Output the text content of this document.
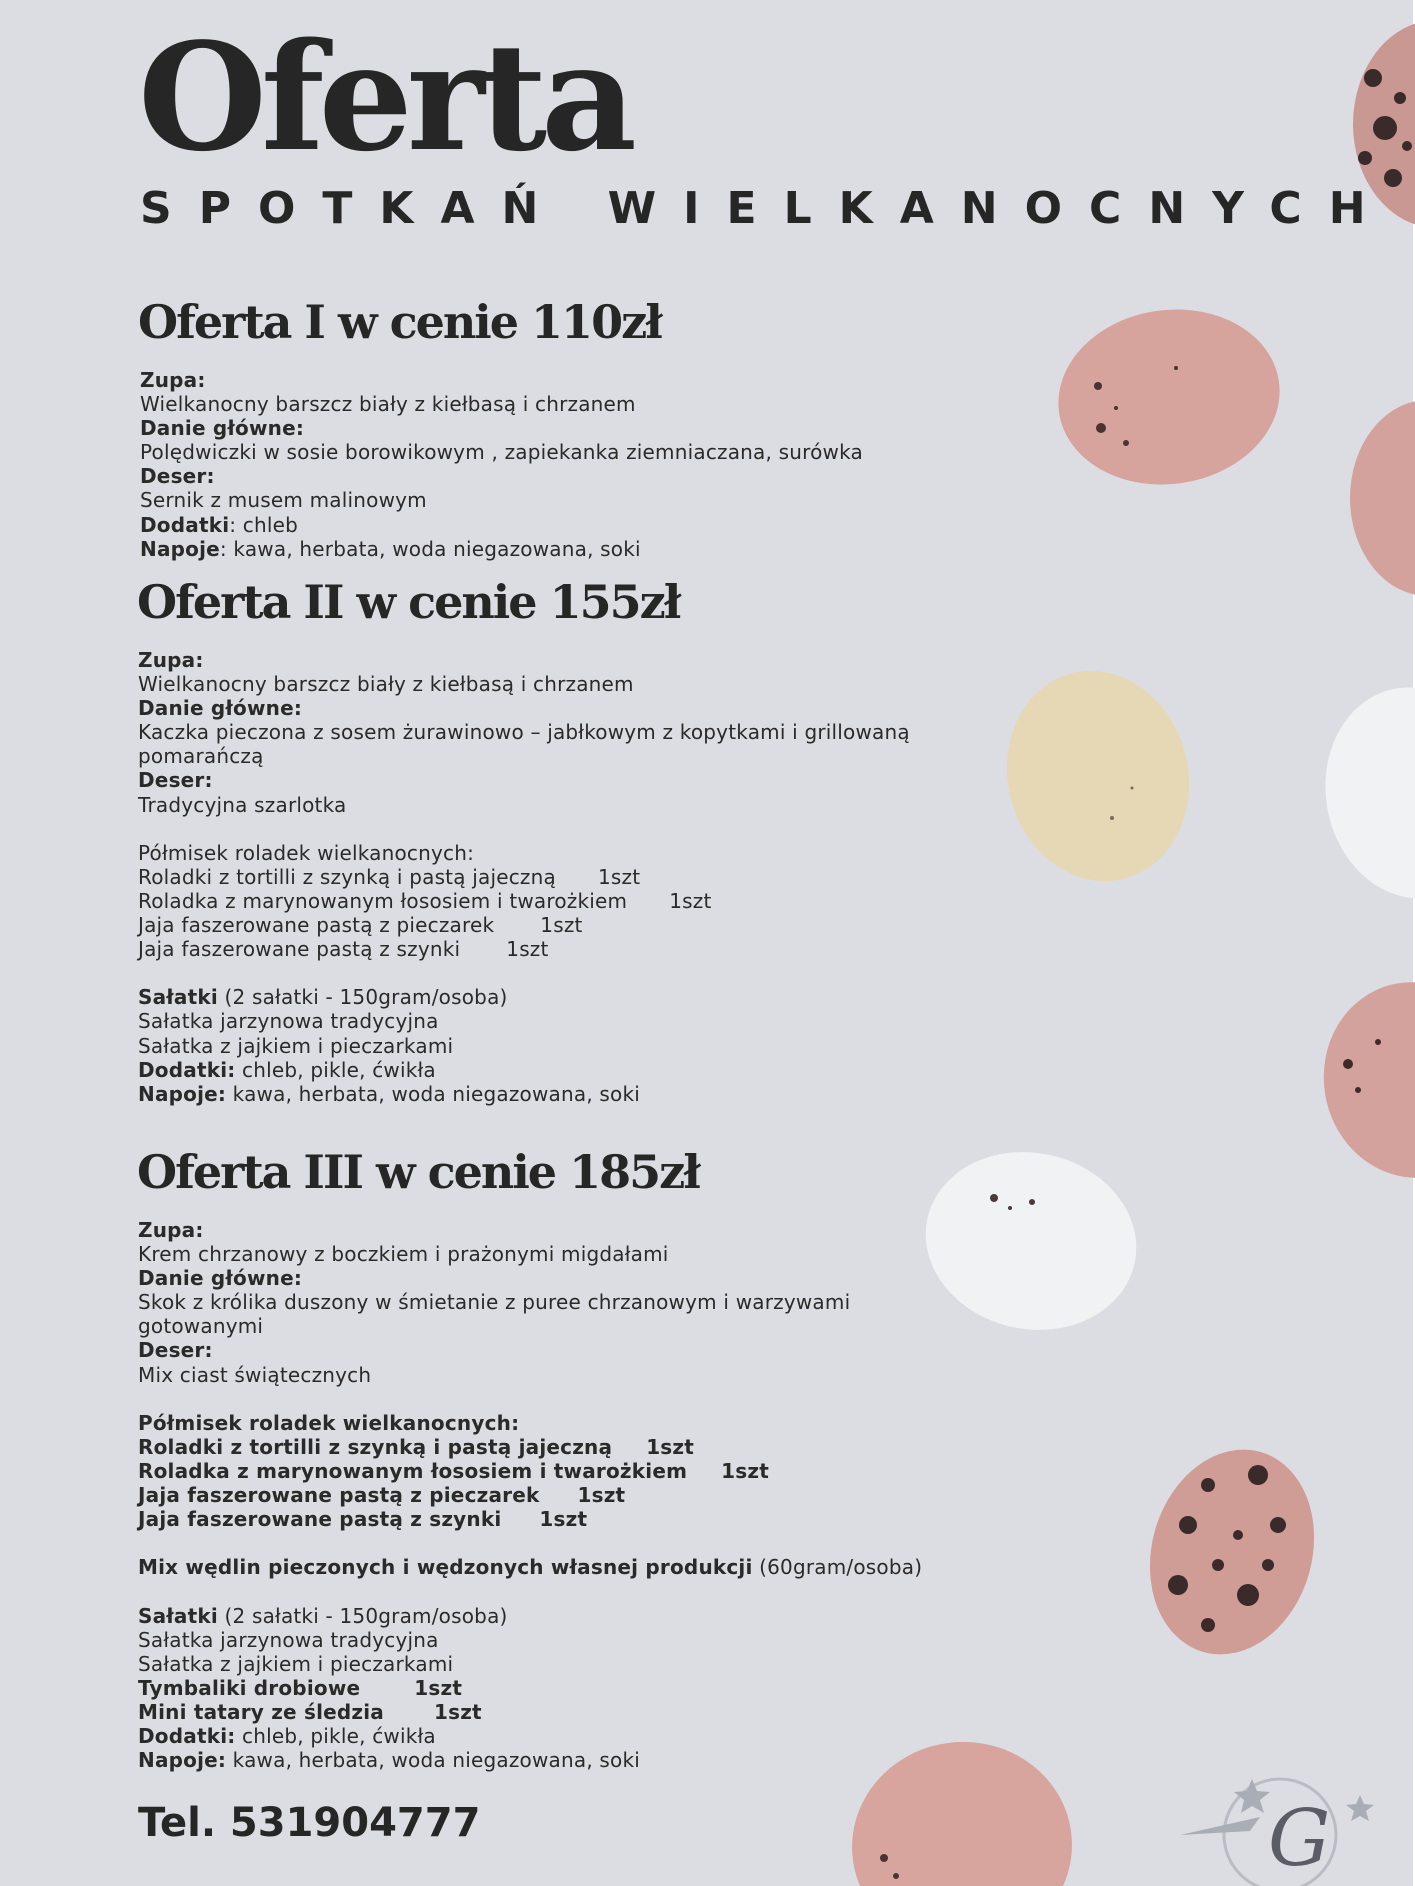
G
Oferta
SPOTKAŃ WIELKANOCNYCH
Oferta I w cenie 110zł
Zupa:
Wielkanocny barszcz biały z kiełbasą i chrzanem
Danie główne:
Polędwiczki w sosie borowikowym , zapiekanka ziemniaczana, surówka
Deser:
Sernik z musem malinowym
Dodatki: chleb
Napoje: kawa, herbata, woda niegazowana, soki
Oferta II w cenie 155zł
Zupa:
Wielkanocny barszcz biały z kiełbasą i chrzanem
Danie główne:
Kaczka pieczona z sosem żurawinowo – jabłkowym z kopytkami i grillowaną
pomarańczą
Deser:
Tradycyjna szarlotka
Półmisek roladek wielkanocnych:
Roladki z tortilli z szynką i pastą jajeczną 1szt
Roladka z marynowanym łososiem i twarożkiem 1szt
Jaja faszerowane pastą z pieczarek 1szt
Jaja faszerowane pastą z szynki 1szt
Sałatki (2 sałatki - 150gram/osoba)
Sałatka jarzynowa tradycyjna
Sałatka z jajkiem i pieczarkami
Dodatki: chleb, pikle, ćwikła
Napoje: kawa, herbata, woda niegazowana, soki
Oferta III w cenie 185zł
Zupa:
Krem chrzanowy z boczkiem i prażonymi migdałami
Danie główne:
Skok z królika duszony w śmietanie z puree chrzanowym i warzywami
gotowanymi
Deser:
Mix ciast świątecznych
Półmisek roladek wielkanocnych:
Roladki z tortilli z szynką i pastą jajeczną 1szt
Roladka z marynowanym łososiem i twarożkiem 1szt
Jaja faszerowane pastą z pieczarek 1szt
Jaja faszerowane pastą z szynki 1szt
Mix wędlin pieczonych i wędzonych własnej produkcji (60gram/osoba)
Sałatki (2 sałatki - 150gram/osoba)
Sałatka jarzynowa tradycyjna
Sałatka z jajkiem i pieczarkami
Tymbaliki drobiowe	1szt
Mini tatary ze śledzia	1szt
Dodatki: chleb, pikle, ćwikła
Napoje: kawa, herbata, woda niegazowana, soki
Tel. 531904777
